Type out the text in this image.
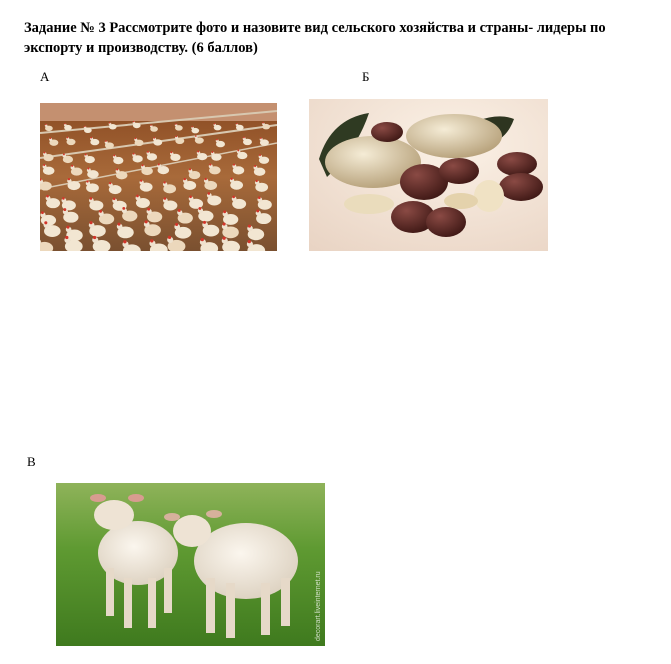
Задание № 3 Рассмотрите фото и назовите вид сельского хозяйства и страны- лидеры по экспорту и производству. (6 баллов)
А	Б
В
decorart.liveinternet.ru
